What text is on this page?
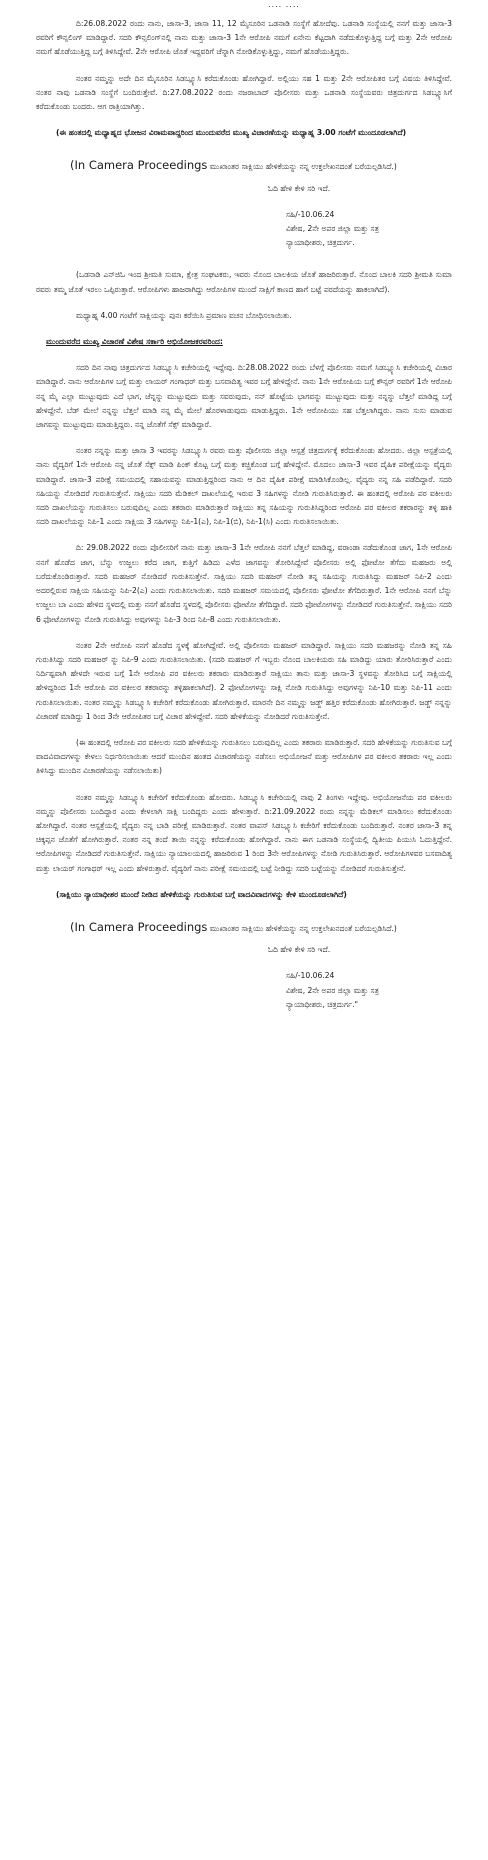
.... ....

ದಿ:26.08.2022 ರಂದು ನಾನು, ಜಾಸಾ-3, ಜಾಸಾ 11, 12 ಮೈಸೂರಿನ ಒಡನಾಡಿ ಸಂಸ್ಥೆಗೆ ಹೋದೆವು. ಒಡನಾಡಿ ಸಂಸ್ಥೆಯಲ್ಲಿ ನನಗೆ ಮತ್ತು ಜಾಸಾ-3 ರವರಿಗೆ ಕೌನ್ಸಲಿಂಗ್ ಮಾಡಿದ್ದಾರೆ. ಸದರಿ ಕೌನ್ಸಲಿಂಗ್‌ನಲ್ಲಿ ನಾನು ಮತ್ತು ಜಾಸಾ-3 1ನೇ ಆರೋಪಿ ನಮಗೆ ಏನೇನು ಕೆಟ್ಟದಾಗಿ ನಡೆದುಕೊಳ್ಳುತ್ತಿದ್ದ ಬಗ್ಗೆ ಮತ್ತು 2ನೇ ಆರೋಪಿ ನಮಗೆ ಹೊಡೆಯುತ್ತಿದ್ದ ಬಗ್ಗೆ ತಿಳಿಸಿದ್ದೇವೆ. 2ನೇ ಆರೋಪಿ ಜೊತೆ ಇದ್ದವರಿಗೆ ಚೆನ್ನಾಗಿ ನೋಡಿಕೊಳ್ಳುತ್ತಿದ್ದು, ನಮಗೆ ಹೊಡೆಯುತ್ತಿದ್ದರು.

ನಂತರ ನಮ್ಮನ್ನು ಅದೇ ದಿನ ಮೈಸೂರಿನ ಸಿಡಬ್ಲ್ಯೂಸಿ ಕರೆದುಕೊಂಡು ಹೋಗಿದ್ದಾರೆ. ಅಲ್ಲಿಯು ಸಹ 1 ಮತ್ತು 2ನೇ ಆರೋಪಿತರ ಬಗ್ಗೆ ವಿಷಯ ತಿಳಿಸಿದ್ದೇವೆ. ನಂತರ ನಾವು ಒಡನಾಡಿ ಸಂಸ್ಥೆಗೆ ಬಂದಿರುತ್ತೇವೆ. ದಿ:27.08.2022 ರಂದು ನಜರಾಬಾದ್ ಪೊಲೀಸರು ಮತ್ತು ಒಡನಾಡಿ ಸಂಸ್ಥೆಯವರು ಚಿತ್ರದುರ್ಗದ ಸಿಡಬ್ಲ್ಯೂಸಿಗೆ ಕರೆದುಕೊಂಡು ಬಂದರು. ಆಗ ರಾತ್ರಿಯಾಗಿತ್ತು.

(ಈ ಹಂತದಲ್ಲಿ ಮಧ್ಯಾಹ್ನದ ಭೋಜನ ವಿರಾಮವಾದ್ದರಿಂದ ಮುಂದುವರೆದ ಮುಖ್ಯ ವಿಚಾರಣೆಯನ್ನು ಮಧ್ಯಾಹ್ನ 3.00 ಗಂಟೆಗೆ ಮುಂದೂಡಲಾಗಿದೆ)

(In Camera Proceedings ಮುಖಾಂತರ ಸಾಕ್ಷಿಯು ಹೇಳಿಕೆಯನ್ನು ನನ್ನ ಉಕ್ತಲೇಖನದಂತೆ ಬರೆಯಲ್ಪಡಿಸಿದೆ.)

ಓದಿ ಹೇಳಿ ಕೇಳಿ ಸರಿ ಇದೆ.

ಸಹಿ/-10.06.24

ವಿಶೇಷ, 2ನೇ ಅಪರ ಜಿಲ್ಲಾ ಮತ್ತು ಸತ್ರ

ನ್ಯಾಯಾಧೀಶರು, ಚಿತ್ರದುರ್ಗ.

(ಒಡನಾಡಿ ಎನ್‌ಜಿಓ ಇಂದ ಶ್ರೀಮತಿ ಸುಮಾ, ಕ್ಷೇತ್ರ ಸಂಘಟಕರು, ಇವರು ನೊಂದ ಬಾಲಕಿಯ ಜೊತೆ ಹಾಜರಿರುತ್ತಾರೆ. ನೊಂದ ಬಾಲಕಿ ಸದರಿ ಶ್ರೀಮತಿ ಸುಮಾ ರವರು ತಮ್ಮ ಜೊತೆ ಇರಲು ಒಪ್ಪಿರುತ್ತಾರೆ. ಆರೋಪಿಗಳು ಹಾಜರಾಗಿದ್ದು ಆರೋಪಿಗಳ ಮುಂದೆ ಸಾಕ್ಷಿಗೆ ಕಾಣದ ಹಾಗೆ ಬಟ್ಟೆ ಪರದೆಯನ್ನು ಹಾಕಲಾಗಿದೆ).

ಮಧ್ಯಾಹ್ನ 4.00 ಗಂಟೆಗೆ ಸಾಕ್ಷಿಯನ್ನು ಪುನಃ ಕರೆಯಿಸಿ ಪ್ರಮಾಣ ವಚನ ಬೋಧಿಸಲಾಯಿತು.

ಮುಂದುವರೆದ ಮುಖ್ಯ ವಿಚಾರಣೆ ವಿಶೇಷ ಸರ್ಕಾರಿ ಅಭಿಯೋಜಕರವರಿಂದ:

ಸದರಿ ದಿನ ನಾವು ಚಿತ್ರದುರ್ಗದ ಸಿಡಬ್ಲ್ಯೂಸಿ ಕಚೇರಿಯಲ್ಲಿ ಇದ್ದೇವು. ದಿ:28.08.2022 ರಂದು ಬೆಳಗ್ಗೆ ಪೊಲೀಸರು ನಮಗೆ ಸಿಡಬ್ಲ್ಯೂಸಿ ಕಚೇರಿಯಲ್ಲಿ ವಿಚಾರ ಮಾಡಿದ್ದಾರೆ. ನಾನು ಆರೋಪಿಗಳ ಬಗ್ಗೆ ಮತ್ತು ಲಾಯರ್ ಗಂಗಾಧರ್ ಮತ್ತು ಬಸವಾದಿತ್ಯ ಇವರ ಬಗ್ಗೆ ಹೇಳಿದ್ದೇನೆ. ನಾನು 1ನೇ ಆರೋಪಿಯ ಬಗ್ಗೆ ಕೌನ್ಸರ್ ರವರಿಗೆ 1ನೇ ಆರೋಪಿ ನನ್ನ ಮೈ ಎಲ್ಲಾ ಮುಟ್ಟುವುದು ಎದೆ ಭಾಗ, ಜೆನ್ನನ್ನು ಮುಟ್ಟುವುದು ಮತ್ತು ಸವರುವುದು, ನನ್ ಹೊಟ್ಟೆಯ ಭಾಗವನ್ನು ಮುಟ್ಟುವುದು ಮತ್ತು ನನ್ನನ್ನು ಬೆತ್ತಲೆ ಮಾಡಿದ್ದ ಬಗ್ಗೆ ಹೇಳಿದ್ದೇನೆ. ಬೆಡ್ ಮೇಲೆ ನನ್ನನ್ನು ಬೆತ್ತಲೆ ಮಾಡಿ ನನ್ನ ಮೈ ಮೇಲೆ ಹೊರಳಾಡುವುದು ಮಾಡುತ್ತಿದ್ದರು. 1ನೇ ಆರೋಪಿಯು ಸಹ ಬೆತ್ತಲಾಗಿದ್ದರು. ನಾನು ಸುಸು ಮಾಡುವ ಜಾಗವನ್ನು ಮುಟ್ಟುವುದು ಮಾಡುತ್ತಿದ್ದರು. ನನ್ನ ಜೊತೆಗೆ ಸೆಕ್ಸ್ ಮಾಡಿದ್ದಾರೆ.

ನಂತರ ನನ್ನನ್ನು ಮತ್ತು ಜಾಸಾ 3 ಇವರನ್ನು ಸಿಡಬ್ಲ್ಯೂಸಿ ರವರು ಮತ್ತು ಪೊಲೀಸರು ಜಿಲ್ಲಾ ಆಸ್ಪತ್ರೆ ಚಿತ್ರದುರ್ಗಕ್ಕೆ ಕರೆದುಕೊಂಡು ಹೋದರು. ಜಿಲ್ಲಾ ಆಸ್ಪತ್ರೆಯಲ್ಲಿ ನಾನು ವೈದ್ಯರಿಗೆ 1ನೇ ಆರೋಪಿ ನನ್ನ ಜೊತೆ ಸೆಕ್ಸ್ ಮಾಡಿ ಪಿಂಕ್ ಕೊಟ್ಟ ಬಗ್ಗೆ ಮತ್ತು ಕಚ್ಚಿಕೊಂಡ ಬಗ್ಗೆ ಹೇಳಿದ್ದೇನೆ. ಮೊದಲು ಜಾಸಾ-3 ಇವರ ದೈಹಿಕ ಪರೀಕ್ಷೆಯನ್ನು ವೈದ್ಯರು ಮಾಡಿದ್ದಾರೆ. ಜಾಸಾ-3 ಪರೀಕ್ಷೆ ಸಮಯದಲ್ಲಿ ಸಹಾಯವನ್ನು ಮಾಡುತ್ತಿದ್ದರಿಂದ ನಾನು ಆ ದಿನ ದೈಹಿಕ ಪರೀಕ್ಷೆ ಮಾಡಿಸಿಕೊಂಡಿಲ್ಲ. ವೈದ್ಯರು ನನ್ನ ಸಹಿ ಪಡೆದಿದ್ದಾರೆ. ಸದರಿ ಸಹಿಯನ್ನು ನೋಡಿದರೆ ಗುರುತಿಸುತ್ತೇನೆ. ಸಾಕ್ಷಿಯು ಸದರಿ ಮೆಡಿಕಲ್ ದಾಖಲೆಯಲ್ಲಿ ಇರುವ 3 ಸಹಿಗಳನ್ನು ನೋಡಿ ಗುರುತಿಸಿರುತ್ತಾರೆ. ಈ ಹಂತದಲ್ಲಿ ಆರೋಪಿ ಪರ ವಕೀಲರು ಸದರಿ ದಾಖಲೆಯನ್ನು ಗುರುತಿಸಲು ಬರುವುದಿಲ್ಲ ಎಂದು ತಕರಾರು ಮಾಡಿರುತ್ತಾರೆ ಸಾಕ್ಷಿಯು ತನ್ನ ಸಹಿಯನ್ನು ಗುರುತಿಸಿದ್ದರಿಂದ ಆರೋಪಿ ಪರ ವಕೀಲರ ತಕರಾರನ್ನು ತಳ್ಳಿ ಹಾಕಿ ಸದರಿ ದಾಖಲೆಯನ್ನು ನಿಪಿ-1 ಎಂದು ಸಾಕ್ಷಿಯ 3 ಸಹಿಗಳನ್ನು ನಿಪಿ-1(ಎ), ನಿಪಿ-1(ಬಿ), ನಿಪಿ-1(ಸಿ) ಎಂದು ಗುರುತಿಸಲಾಯಿತು.

ದಿ: 29.08.2022 ರಂದು ಪೊಲೀಸರಿಗೆ ನಾನು ಮತ್ತು ಜಾಸಾ-3 1ನೇ ಆರೋಪಿ ನನಗೆ ಬೆತ್ತಲೆ ಮಾಡಿದ್ದ, ವರಾಂಡಾ ನಡೆದುಕೊಂಡ ಜಾಗ, 1ನೇ ಆರೋಪಿ ನನಗೆ ಹೊಡೆದ ಜಾಗ, ಬೆನ್ನು ಉಜ್ಜಲು ಕರೆದ ಜಾಗ, ಕುತ್ತಿಗೆ ಹಿಡಿದು ಎಳೆದ ಜಾಗವನ್ನು ತೋರಿಸಿದ್ದೇವೆ ಪೊಲೀಸರು ಅಲ್ಲಿ ಫೋಟೋ ತೆಗೆದು ಮಹಜರು ಅಲ್ಲಿ ಬರೆದುಕೊಂಡಿರುತ್ತಾರೆ. ಸದರಿ ಮಹಜರ್ ನೋಡಿದರೆ ಗುರುತಿಸುತ್ತೇನೆ. ಸಾಕ್ಷಿಯು ಸದರಿ ಮಹಜರ್ ನೋಡಿ ತನ್ನ ಸಹಿಯನ್ನು ಗುರುತಿಸಿದ್ದು ಮಹಜರ್ ನಿಪಿ-2 ಎಂದು ಅದರಲ್ಲಿರುವ ಸಾಕ್ಷಿಯ ಸಹಿಯನ್ನು ನಿಪಿ-2(ಎ) ಎಂದು ಗುರುತಿಸಲಾಯಿತು. ಸದರಿ ಮಹಜರ್ ಸಮಯದಲ್ಲಿ ಪೊಲೀಸರು ಫೋಟೋ ತೆಗೆದಿರುತ್ತಾರೆ. 1ನೇ ಆರೋಪಿ ನನಗೆ ಬೆನ್ನು ಉಜ್ಜಲು ಬಾ ಎಂದು ಹೇಳಿದ ಸ್ಥಳದಲ್ಲಿ ಮತ್ತು ನನಗೆ ಹೊಡೆದ ಸ್ಥಳದಲ್ಲಿ ಪೊಲೀಸರು ಫೋಟೋ ತೆಗೆದಿದ್ದಾರೆ. ಸದರಿ ಫೋಟೋಗಳನ್ನು ನೋಡಿದರೆ ಗುರುತಿಸುತ್ತೇನೆ. ಸಾಕ್ಷಿಯು ಸದರಿ 6 ಫೋಟೋಗಳನ್ನು ನೋಡಿ ಗುರುತಿಸಿದ್ದು ಅವುಗಳನ್ನು ನಿಪಿ-3 ರಿಂದ ನಿಪಿ-8 ಎಂದು ಗುರುತಿಸಲಾಯಿತು.

ನಂತರ 2ನೇ ಆರೋಪಿ ನನಗೆ ಹೊಡೆದ ಸ್ಥಳಕ್ಕೆ ಹೋಗಿದ್ದೇವೆ. ಅಲ್ಲಿ ಪೊಲೀಸರು ಮಹಜರ್ ಮಾಡಿದ್ದಾರೆ. ಸಾಕ್ಷಿಯು ಸದರಿ ಮಹಜರನ್ನು ನೋಡಿ ತನ್ನ ಸಹಿ ಗುರುತಿಸಿದ್ದು ಸದರಿ ಮಹಜರ್ ನ್ನು ನಿಪಿ-9 ಎಂದು ಗುರುತಿಸಲಾಯಿತು. (ಸದರಿ ಮಹಜರ್ ಗೆ ಇಬ್ಬರು ನೊಂದ ಬಾಲಕಿಯರು ಸಹಿ ಮಾಡಿದ್ದು ಯಾರು ತೋರಿಸಿರುತ್ತಾರೆ ಎಂದು ನಿರ್ದಿಷ್ಟವಾಗಿ ಹೇಳದೇ ಇರುವ ಬಗ್ಗೆ 1ನೇ ಆರೋಪಿ ಪರ ವಕೀಲರು ತಕರಾರು ಮಾಡಿರುತ್ತಾರೆ ಸಾಕ್ಷಿಯು ತಾನು ಮತ್ತು ಜಾಸಾ-3 ಸ್ಥಳವನ್ನು ತೋರಿಸಿದ ಬಗ್ಗೆ ಸಾಕ್ಷಿಯಲ್ಲಿ ಹೇಳಿದ್ದರಿಂದ 1ನೇ ಆರೋಪಿ ಪರ ವಕೀಲರ ತಕರಾರನ್ನು ತಳ್ಳಿಹಾಕಲಾಗಿದೆ). 2 ಫೋಟೋಗಳನ್ನು ಸಾಕ್ಷಿ ನೋಡಿ ಗುರುತಿಸಿದ್ದು ಅವುಗಳನ್ನು ನಿಪಿ-10 ಮತ್ತು ನಿಪಿ-11 ಎಂದು ಗುರುತಿಸಲಾಯಿತು. ನಂತರ ನಮ್ಮನ್ನು ಸಿಡಬ್ಲ್ಯೂಸಿ ಕಚೇರಿಗೆ ಕರೆದುಕೊಂಡು ಹೋಗಿರುತ್ತಾರೆ. ಮಾರನೇ ದಿನ ನಮ್ಮನ್ನು ಜಡ್ಜ್ ಹತ್ತಿರ ಕರೆದುಕೊಂಡು ಹೋಗಿರುತ್ತಾರೆ. ಜಡ್ಜ್ ನನ್ನನ್ನು ವಿಚಾರಣೆ ಮಾಡಿದ್ದು 1 ರಿಂದ 3ನೇ ಆರೋಪಿತರ ಬಗ್ಗೆ ವಿಚಾರ ಹೇಳಿದ್ದೇವೆ. ಸದರಿ ಹೇಳಿಕೆಯನ್ನು ನೋಡಿದರೆ ಗುರುತಿಸುತ್ತೇನೆ.

(ಈ ಹಂತದಲ್ಲಿ ಆರೋಪಿ ಪರ ವಕೀಲರು ಸದರಿ ಹೇಳಿಕೆಯನ್ನು ಗುರುತಿಸಲು ಬರುವುದಿಲ್ಲ ಎಂದು ತಕರಾರು ಮಾಡಿರುತ್ತಾರೆ. ಸದರಿ ಹೇಳಿಕೆಯನ್ನು ಗುರುತಿಸುವ ಬಗ್ಗೆ ವಾದವಿವಾದಗಳನ್ನು ಕೇಳಲು ನಿರ್ಧರಿಸಲಾಯಿತು ಆದರೆ ಮುಂದಿನ ಹಂತದ ವಿಚಾರಣೆಯನ್ನು ನಡೆಸಲು ಅಭಿಯೋಜನೆ ಮತ್ತು ಆರೋಪಿಗಳ ಪರ ವಕೀಲರ ತಕರಾರು ಇಲ್ಲ ಎಂದು ತಿಳಿಸಿದ್ದು ಮುಂದಿನ ವಿಚಾರಣೆಯನ್ನು ನಡೆಸಲಾಯಿತು)

ನಂತರ ನಮ್ಮನ್ನು ಸಿಡಬ್ಲ್ಯೂಸಿ ಕಚೇರಿಗೆ ಕರೆದುಕೊಂಡು ಹೋದರು. ಸಿಡಬ್ಲ್ಯೂಸಿ ಕಚೇರಿಯಲ್ಲಿ ನಾವು 2 ತಿಂಗಳು ಇದ್ದೇವು. ಅಭಿಯೋಜನೆಯ ಪರ ವಕೀಲರು ನಮ್ಮನ್ನು ಪೊಲೀಸರು ಬಂದಿದ್ದಾರ ಎಂದು ಕೇಳಲಾಗಿ ಸಾಕ್ಷಿ ಬಂದಿದ್ದರು ಎಂದು ಹೇಳುತ್ತಾರೆ. ದಿ:21.09.2022 ರಂದು ನನ್ನನ್ನು ಮೆಡಿಕಲ್ ಮಾಡಿಸಲು ಕರೆದುಕೊಂಡು ಹೋಗಿದ್ದಾರೆ. ನಂತರ ಆಸ್ಪತ್ರೆಯಲ್ಲಿ ವೈದ್ಯರು ನನ್ನ ಬಾಡಿ ಪರೀಕ್ಷೆ ಮಾಡಿರುತ್ತಾರೆ. ನಂತರ ವಾಪಸ್ ಸಿಡಬ್ಲ್ಯೂಸಿ ಕಚೇರಿಗೆ ಕರೆದುಕೊಂಡು ಬಂದಿರುತ್ತಾರೆ. ನಂತರ ಜಾಸಾ-3 ತನ್ನ ಚಿಕ್ಕಪ್ಪನ ಜೊತೆಗೆ ಹೋಗಿರುತ್ತಾರೆ. ನಂತರ ನನ್ನ ತಂದೆ ತಾಯಿ ನನ್ನನ್ನು ಕರೆದುಕೊಂಡು ಹೋಗಿದ್ದಾರೆ. ನಾನು ಈಗ ಒಡನಾಡಿ ಸಂಸ್ಥೆಯಲ್ಲಿ ದ್ವಿತೀಯ ಪಿಯುಸಿ ಓದುತ್ತಿದ್ದೇನೆ. ಆರೋಪಿಗಳನ್ನು ನೋಡಿದರೆ ಗುರುತಿಸುತ್ತೇನೆ. ಸಾಕ್ಷಿಯು ನ್ಯಾಯಾಲಯದಲ್ಲಿ ಹಾಜರಿರುವ 1 ರಿಂದ 3ನೇ ಆರೋಪಿಗಳನ್ನು ನೋಡಿ ಗುರುತಿಸಿರುತ್ತಾರೆ. ಆರೋಪಿಗಳವರ ಬಸವಾದಿತ್ಯ ಮತ್ತು ಲಾಯರ್ ಗಂಗಾಧರ್ ಇಲ್ಲ ಎಂದು ಹೇಳಿರುತ್ತಾರೆ. ವೈದ್ಯರಿಗೆ ನಾನು ಪರೀಕ್ಷೆ ಸಮಯದಲ್ಲಿ ಬಟ್ಟೆ ನೀಡಿದ್ದು ಸದರಿ ಬಟ್ಟೆಯನ್ನು ನೋಡಿದರೆ ಗುರುತಿಸುತ್ತೇನೆ.

(ಸಾಕ್ಷಿಯು ನ್ಯಾಯಾಧೀಶರ ಮುಂದೆ ನೀಡಿದ ಹೇಳಿಕೆಯನ್ನು ಗುರುತಿಸುವ ಬಗ್ಗೆ ವಾದವಿವಾದಗಳನ್ನು ಕೇಳಿ ಮುಂದೂಡಲಾಗಿದೆ)

(In Camera Proceedings ಮುಖಾಂತರ ಸಾಕ್ಷಿಯು ಹೇಳಿಕೆಯನ್ನು ನನ್ನ ಉಕ್ತಲೇಖನದಂತೆ ಬರೆಯಲ್ಪಡಿಸಿದೆ.)

ಓದಿ ಹೇಳಿ ಕೇಳಿ ಸರಿ ಇದೆ.

ಸಹಿ/-10.06.24

ವಿಶೇಷ, 2ನೇ ಅಪರ ಜಿಲ್ಲಾ ಮತ್ತು ಸತ್ರ

ನ್ಯಾಯಾಧೀಶರು, ಚಿತ್ರದುರ್ಗ."
